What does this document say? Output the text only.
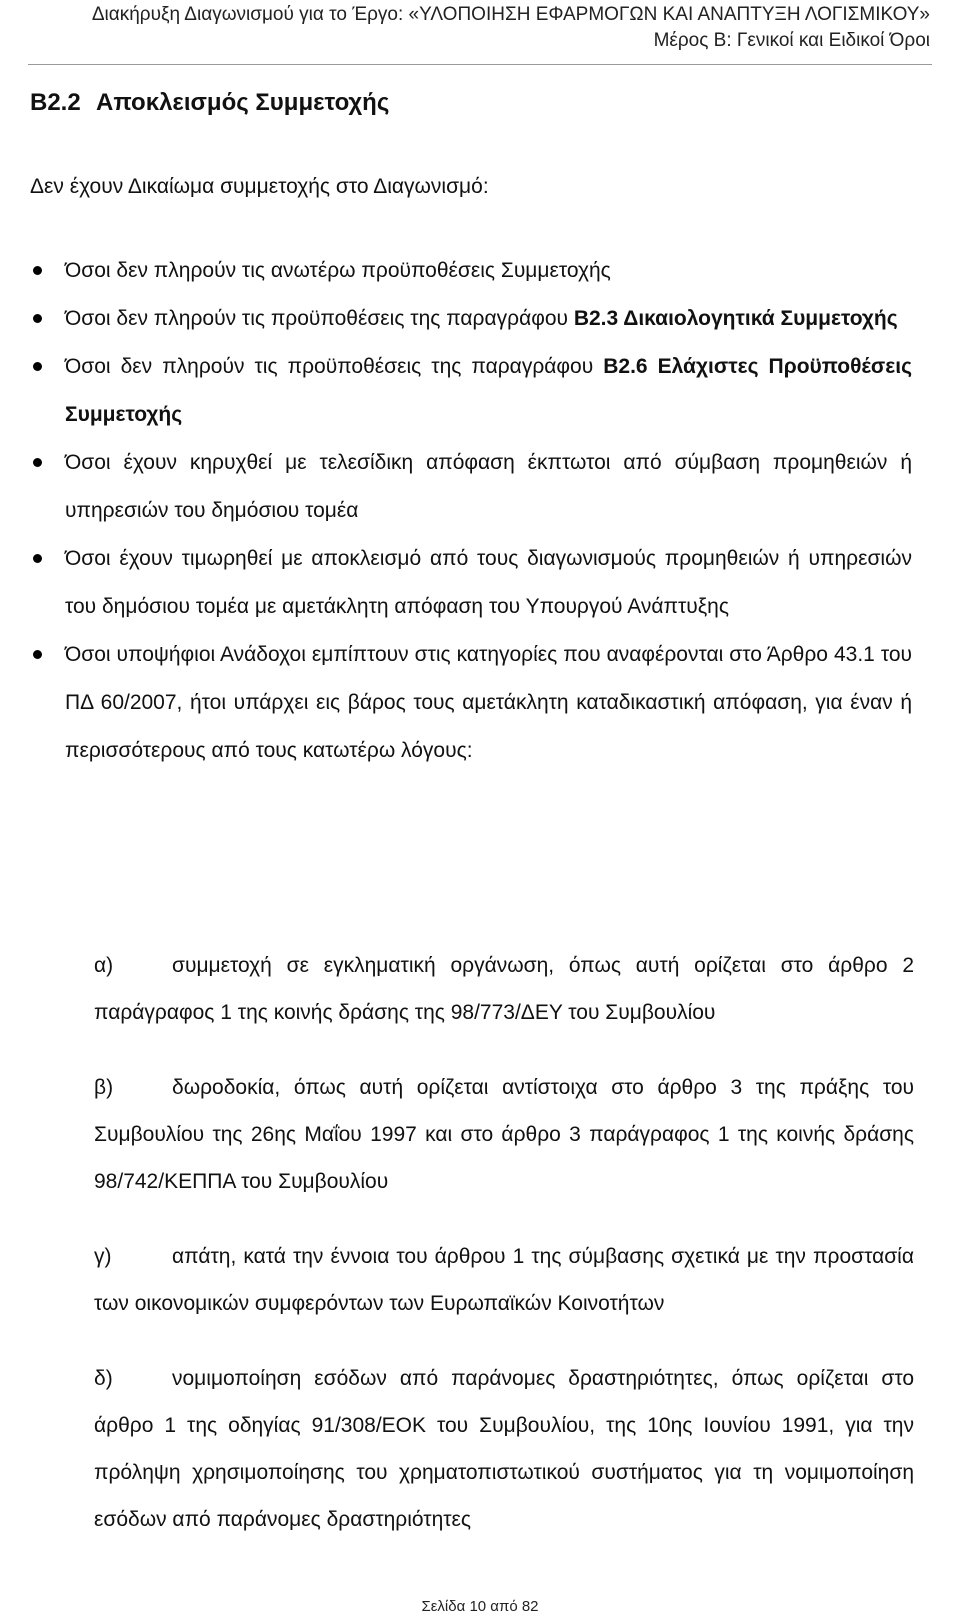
Διακήρυξη Διαγωνισμού για το Έργο: «ΥΛΟΠΟΙΗΣΗ ΕΦΑΡΜΟΓΩΝ ΚΑΙ ΑΝΑΠΤΥΞΗ ΛΟΓΙΣΜΙΚΟΥ»
Μέρος Β: Γενικοί και Ειδικοί Όροι
Β2.2 Αποκλεισμός Συμμετοχής
Δεν έχουν Δικαίωμα συμμετοχής στο Διαγωνισμό:
Όσοι δεν πληρούν τις ανωτέρω προϋποθέσεις Συμμετοχής
Όσοι δεν πληρούν τις προϋποθέσεις της παραγράφου Β2.3 Δικαιολογητικά Συμμετοχής
Όσοι δεν πληρούν τις προϋποθέσεις της παραγράφου Β2.6 Ελάχιστες Προϋποθέσεις Συμμετοχής
Όσοι έχουν κηρυχθεί με τελεσίδικη απόφαση έκπτωτοι από σύμβαση προμηθειών ή υπηρεσιών του δημόσιου τομέα
Όσοι έχουν τιμωρηθεί με αποκλεισμό από τους διαγωνισμούς προμηθειών ή υπηρεσιών του δημόσιου τομέα με αμετάκλητη απόφαση του Υπουργού Ανάπτυξης
Όσοι υποψήφιοι Ανάδοχοι εμπίπτουν στις κατηγορίες που αναφέρονται στο Άρθρο 43.1 του ΠΔ 60/2007, ήτοι υπάρχει εις βάρος τους αμετάκλητη καταδικαστική απόφαση, για έναν ή περισσότερους από τους κατωτέρω λόγους:
α)	συμμετοχή σε εγκληματική οργάνωση, όπως αυτή ορίζεται στο άρθρο 2 παράγραφος 1 της κοινής δράσης της 98/773/ΔΕΥ του Συμβουλίου
β)	δωροδοκία, όπως αυτή ορίζεται αντίστοιχα στο άρθρο 3 της πράξης του Συμβουλίου της 26ης Μαΐου 1997 και στο άρθρο 3 παράγραφος 1 της κοινής δράσης 98/742/ΚΕΠΠΑ του Συμβουλίου
γ)	απάτη, κατά την έννοια του άρθρου 1 της σύμβασης σχετικά με την προστασία των οικονομικών συμφερόντων των Ευρωπαϊκών Κοινοτήτων
δ)	νομιμοποίηση εσόδων από παράνομες δραστηριότητες, όπως ορίζεται στο άρθρο 1 της οδηγίας 91/308/ΕΟΚ του Συμβουλίου, της 10ης Ιουνίου 1991, για την πρόληψη χρησιμοποίησης του χρηματοπιστωτικού συστήματος για τη νομιμοποίηση εσόδων από παράνομες δραστηριότητες
Σελίδα 10 από 82
